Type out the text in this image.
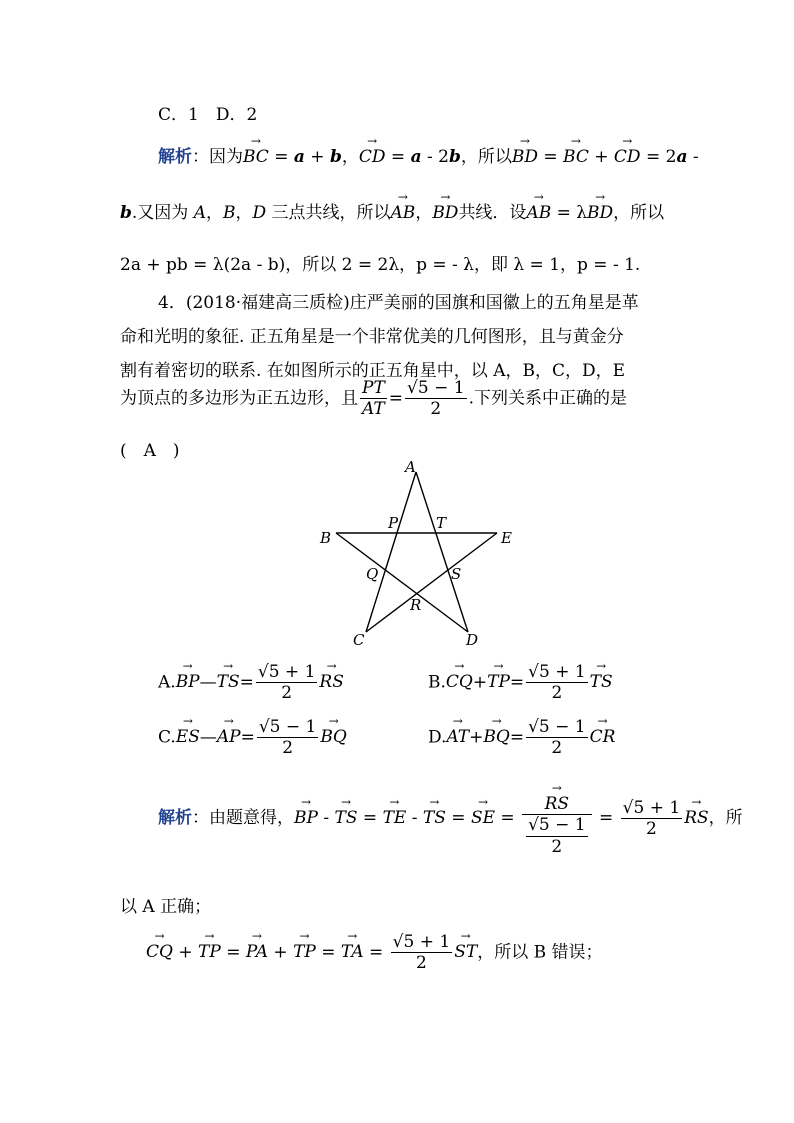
C．1　D．2
解析：因为→ BC = a + b，→ CD = a - 2b，所以→ BD = → BC + → CD = 2a -
b.又因为 A，B，D 三点共线，所以→ AB，→ BD共线．设→ AB = λ→ BD，所以
2a + pb = λ(2a - b)，所以 2 = 2λ，p = - λ，即 λ = 1，p = - 1.
4．(2018·福建高三质检)庄严美丽的国旗和国徽上的五角星是革
命和光明的象征. 正五角星是一个非常优美的几何图形，且与黄金分
割有着密切的联系. 在如图所示的正五角星中，以 A，B，C，D，E
为顶点的多边形为正五边形，且 $\frac{PT}{AT} = \frac{√5 - 1}{2}$ .下列关系中正确的是
(　A　)
A
B	E
C	D
P	T
Q	S
R
A.→ BP—→ $TS= \frac{√5 + 1}{2}$ → RS	$B.\to CQ+\to TP= \frac{√5 + 1}{2}$ → TS
C.→ ES—→ $AP= \frac{√5 - 1}{2}$ → BQ	$D.\to AT+\to BQ= \frac{√5 - 1}{2}$ → CR
解析：由题意得，→ BP - → TS = → TE - → TS = → SE = → $\frac{RS}{\frac{√5 - 1}{2}} = \frac{√5 + 1}{2}$ → RS，所
以 A 正确；
→ CQ + → TP = → PA + → TP = → TA = $\frac{√5 + 1}{2}$ → ST，所以 B 错误；
